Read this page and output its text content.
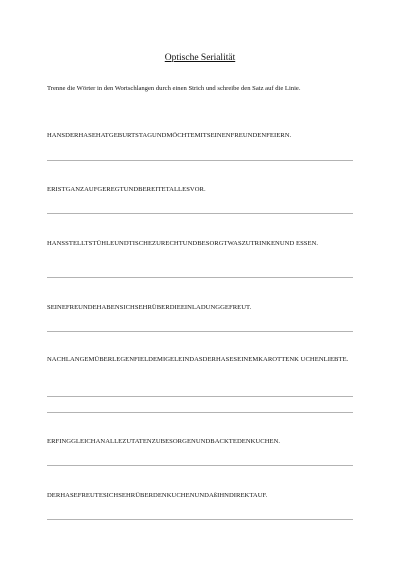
Optische Serialität
Trenne die Wörter in den Wortschlangen durch einen Strich und schreibe den Satz auf die Linie.
HANSDERHASEHATGEBURTSTAGUNDMÖCHTEMITSEINENFREUNDENFEIERN.
ERISTGANZAUFGEREGTUNDBEREITETALLESVOR.
HANSSTELLTSTÜHLEUNDTISCHEZURECHTUNDBESORGTWASZUTRINKENUND ESSEN.
SEINEFREUNDEHABENSICHSEHRÜBERDIEEINLADUNGGEFREUT.
NACHLANGEMÜBERLEGENFIELDEMIGELEINDASDERHASESEINEMKAROTTENK UCHENLIEBTE.
ERFINGGLEICHANALLEZUTATENZUBESORGENUNDBACKTEDENKUCHEN.
DERHASEFREUTESICHSEHRÜBERDENKUCHENUNDAßIHNDIREKTAUF.
